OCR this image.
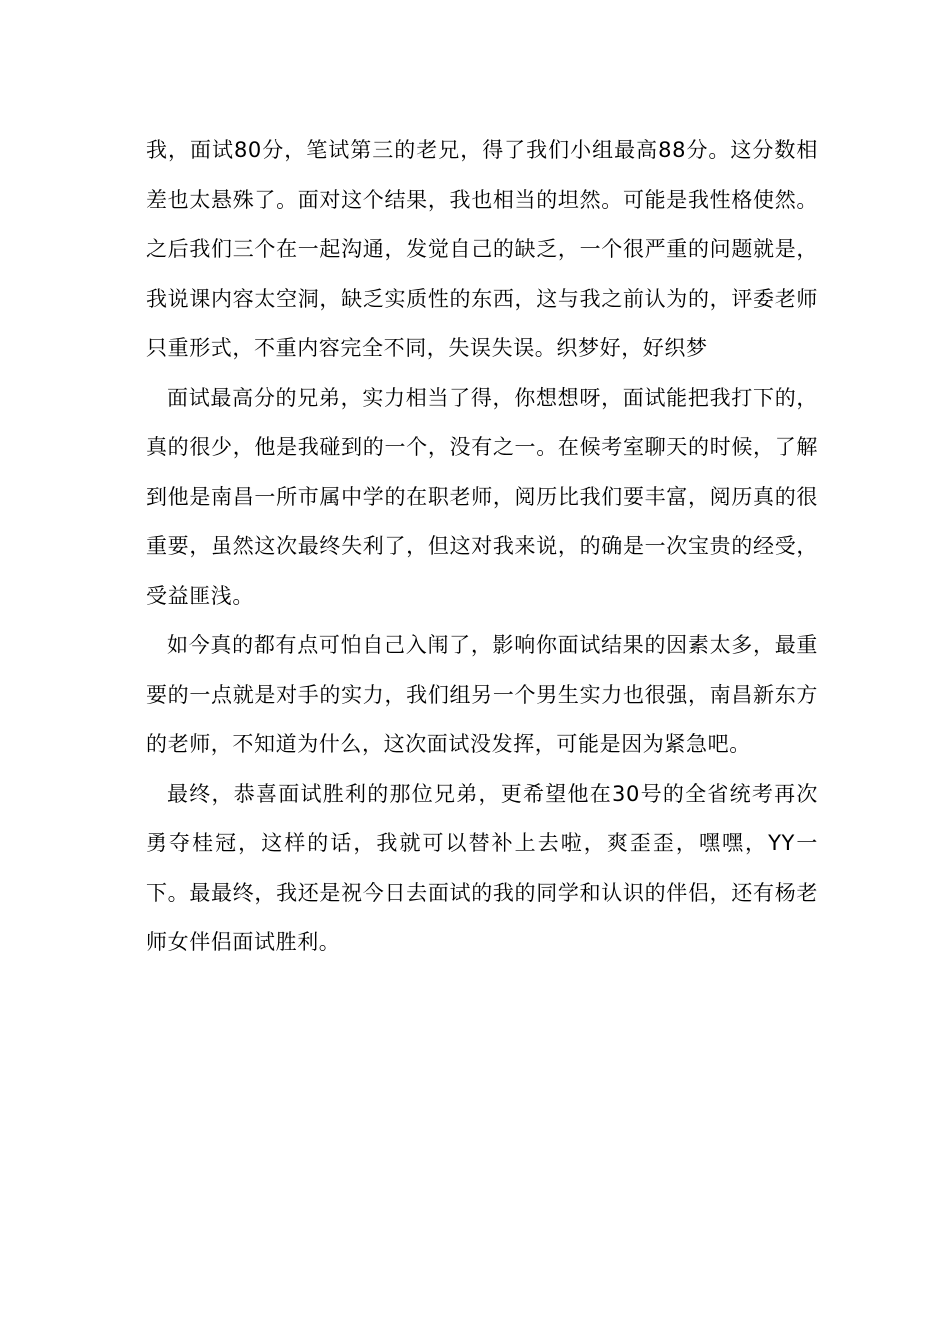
我，面试80分，笔试第三的老兄，得了我们小组最高88分。这分数相差也太悬殊了。面对这个结果，我也相当的坦然。可能是我性格使然。之后我们三个在一起沟通，发觉自己的缺乏，一个很严重的问题就是，我说课内容太空洞，缺乏实质性的东西，这与我之前认为的，评委老师只重形式，不重内容完全不同，失误失误。织梦好，好织梦

面试最高分的兄弟，实力相当了得，你想想呀，面试能把我打下的，真的很少，他是我碰到的一个，没有之一。在候考室聊天的时候，了解到他是南昌一所市属中学的在职老师，阅历比我们要丰富，阅历真的很重要，虽然这次最终失利了，但这对我来说，的确是一次宝贵的经受，受益匪浅。

如今真的都有点可怕自己入闱了，影响你面试结果的因素太多，最重要的一点就是对手的实力，我们组另一个男生实力也很强，南昌新东方的老师，不知道为什么，这次面试没发挥，可能是因为紧急吧。

最终，恭喜面试胜利的那位兄弟，更希望他在30号的全省统考再次勇夺桂冠，这样的话，我就可以替补上去啦，爽歪歪，嘿嘿，YY一下。最最终，我还是祝今日去面试的我的同学和认识的伴侣，还有杨老师女伴侣面试胜利。
